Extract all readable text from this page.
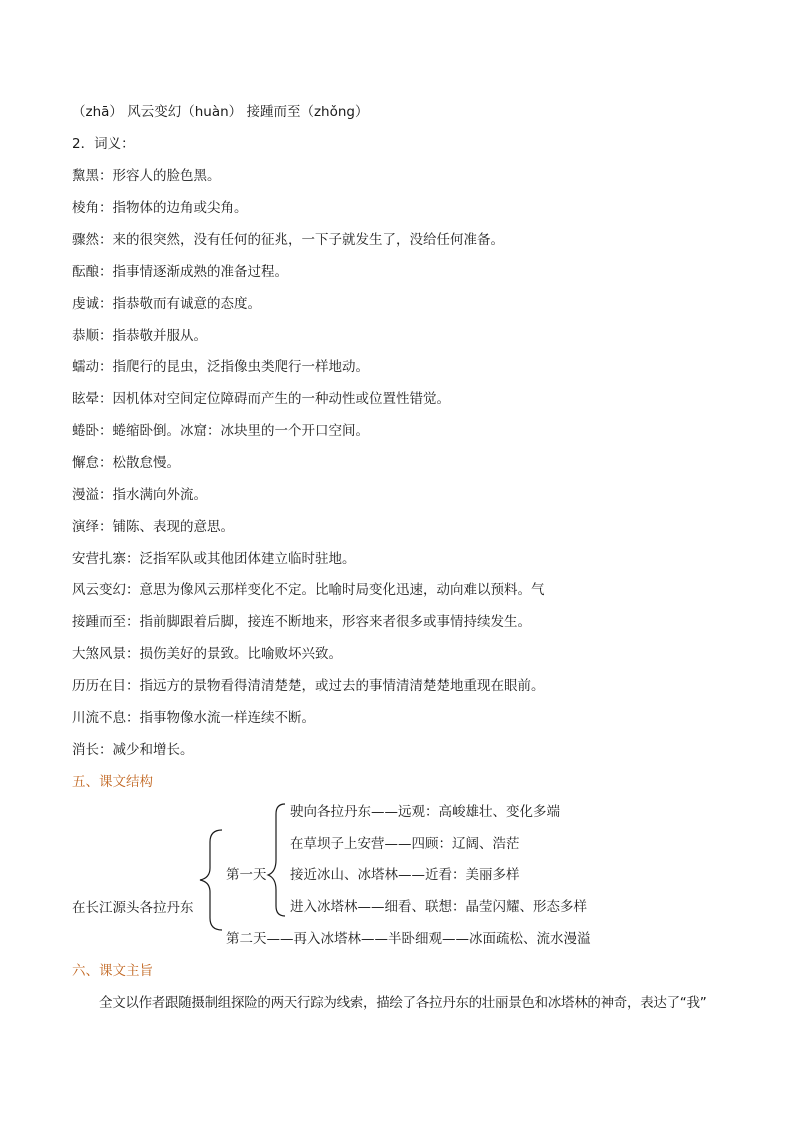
（zhā） 风云变幻（huàn） 接踵而至（zhǒng）
2．词义：
黧黑：形容人的脸色黑。
棱角：指物体的边角或尖角。
骤然：来的很突然，没有任何的征兆，一下子就发生了，没给任何准备。
酝酿：指事情逐渐成熟的准备过程。
虔诚：指恭敬而有诚意的态度。
恭顺：指恭敬并服从。
蠕动：指爬行的昆虫，泛指像虫类爬行一样地动。
眩晕：因机体对空间定位障碍而产生的一种动性或位置性错觉。
蜷卧：蜷缩卧倒。冰窟：冰块里的一个开口空间。
懈怠：松散怠慢。
漫溢：指水满向外流。
演绎：铺陈、表现的意思。
安营扎寨：泛指军队或其他团体建立临时驻地。
风云变幻：意思为像风云那样变化不定。比喻时局变化迅速，动向难以预料。气
接踵而至：指前脚跟着后脚，接连不断地来，形容来者很多或事情持续发生。
大煞风景：损伤美好的景致。比喻败坏兴致。
历历在目：指远方的景物看得清清楚楚，或过去的事情清清楚楚地重现在眼前。
川流不息：指事物像水流一样连续不断。
消长：减少和增长。
五、课文结构
在长江源头各拉丹东
第一天
驶向各拉丹东——远观：高峻雄壮、变化多端
在草坝子上安营——四顾：辽阔、浩茫
接近冰山、冰塔林——近看：美丽多样
进入冰塔林——细看、联想：晶莹闪耀、形态多样
第二天——再入冰塔林——半卧细观——冰面疏松、流水漫溢
六、课文主旨
全文以作者跟随摄制组探险的两天行踪为线索，描绘了各拉丹东的壮丽景色和冰塔林的神奇，表达了“我”
